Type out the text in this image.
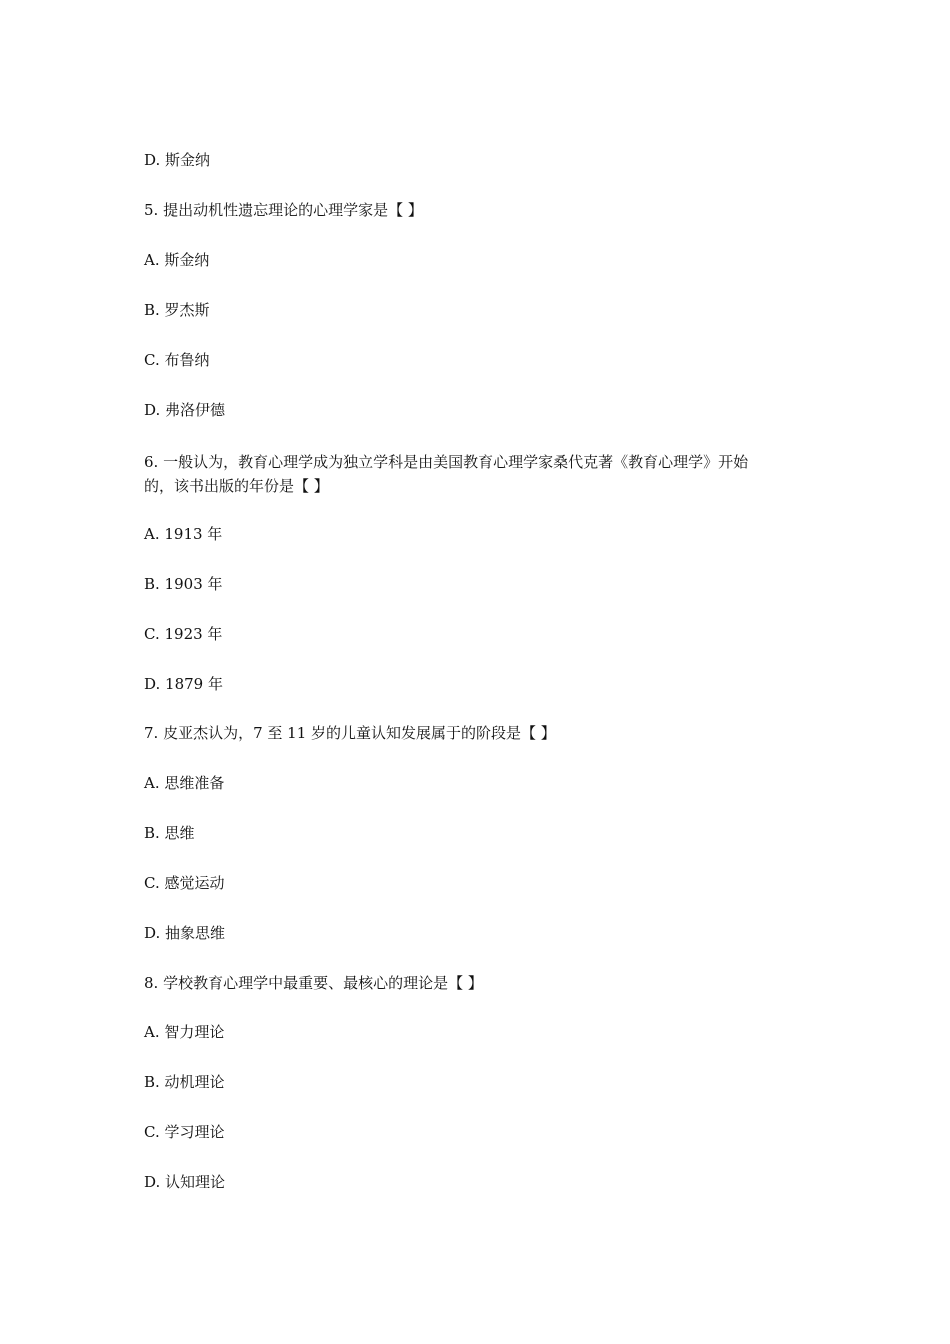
D. 斯金纳
5. 提出动机性遗忘理论的心理学家是【 】
A. 斯金纳
B. 罗杰斯
C. 布鲁纳
D. 弗洛伊德
6. 一般认为，教育心理学成为独立学科是由美国教育心理学家桑代克著《教育心理学》开始
的，该书出版的年份是【 】
A. 1913 年
B. 1903 年
C. 1923 年
D. 1879 年
7. 皮亚杰认为，7 至 11 岁的儿童认知发展属于的阶段是【 】
A. 思维准备
B. 思维
C. 感觉运动
D. 抽象思维
8. 学校教育心理学中最重要、最核心的理论是【 】
A. 智力理论
B. 动机理论
C. 学习理论
D. 认知理论
